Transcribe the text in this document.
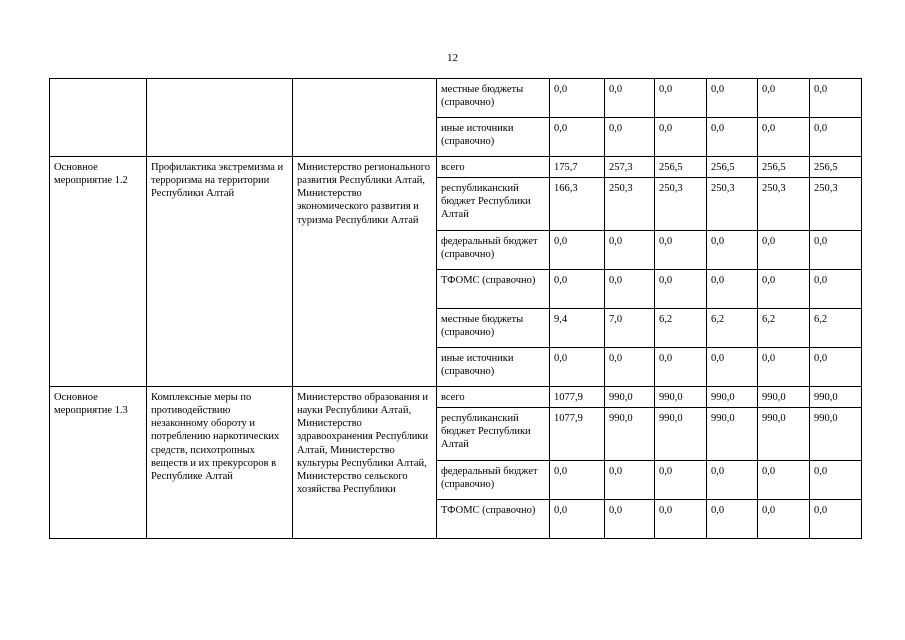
12
			местные бюджеты (справочно)	0,0	0,0	0,0	0,0	0,0	0,0
			иные источники (справочно)	0,0	0,0	0,0	0,0	0,0	0,0
Основное мероприятие 1.2	Профилактика экстремизма и терроризма на территории Республики Алтай	Министерство регионального развития Республики Алтай, Министерство экономического развития и туризма Республики Алтай	всего	175,7	257,3	256,5	256,5	256,5	256,5
			республиканский бюджет Республики Алтай	166,3	250,3	250,3	250,3	250,3	250,3
			федеральный бюджет (справочно)	0,0	0,0	0,0	0,0	0,0	0,0
			ТФОМС (справочно)	0,0	0,0	0,0	0,0	0,0	0,0
			местные бюджеты (справочно)	9,4	7,0	6,2	6,2	6,2	6,2
			иные источники (справочно)	0,0	0,0	0,0	0,0	0,0	0,0
Основное мероприятие 1.3	Комплексные меры по противодействию незаконному обороту и потреблению наркотических средств, психотропных веществ и их прекурсоров в Республике Алтай	Министерство образования и науки Республики Алтай, Министерство здравоохранения Республики Алтай, Министерство культуры Республики Алтай, Министерство сельского хозяйства Республики	всего	1077,9	990,0	990,0	990,0	990,0	990,0
			республиканский бюджет Республики Алтай	1077,9	990,0	990,0	990,0	990,0	990,0
			федеральный бюджет (справочно)	0,0	0,0	0,0	0,0	0,0	0,0
			ТФОМС (справочно)	0,0	0,0	0,0	0,0	0,0	0,0
